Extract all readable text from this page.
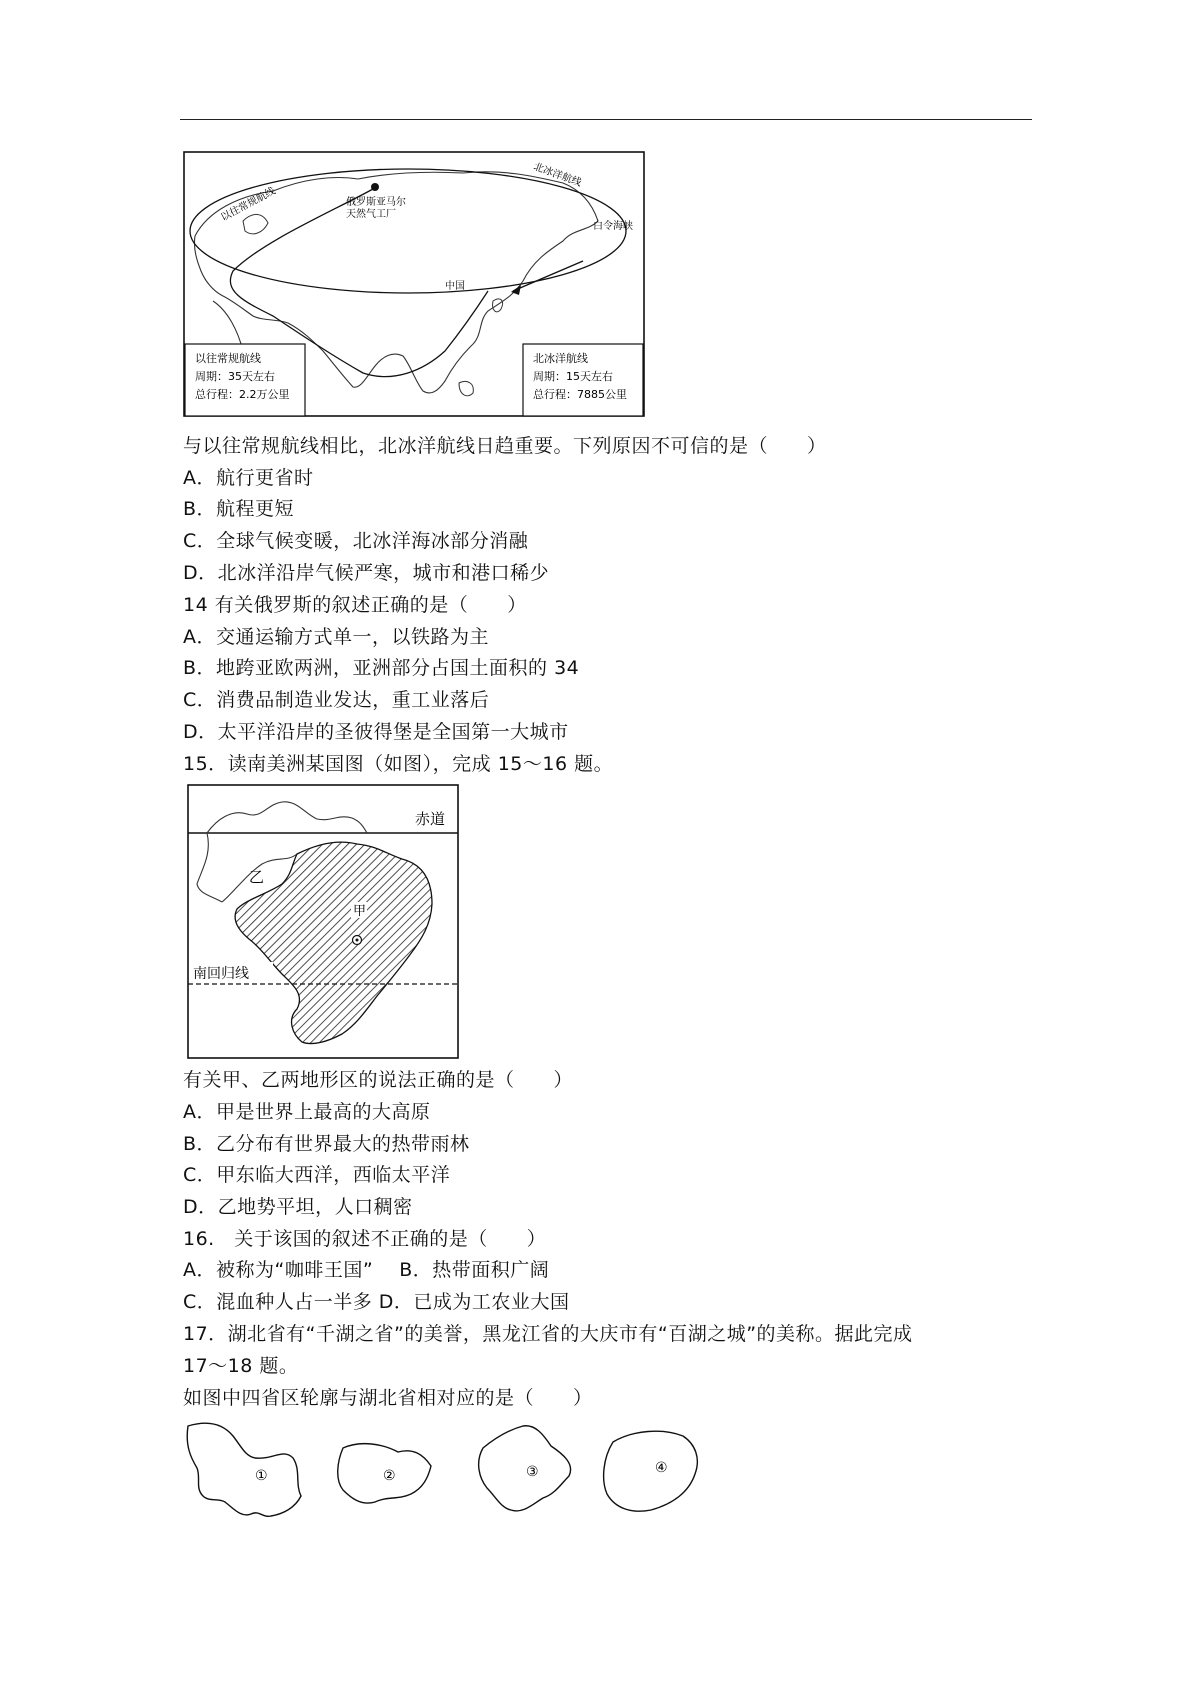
以往常规航线
北冰洋航线
俄罗斯亚马尔
天然气工厂
白令海峡
中国
以往常规航线
周期：35天左右
总行程：2.2万公里
北冰洋航线
周期：15天左右
总行程：7885公里
与以往常规航线相比，北冰洋航线日趋重要。下列原因不可信的是（　　）
A．航行更省时
B．航程更短
C．全球气候变暖，北冰洋海冰部分消融
D．北冰洋沿岸气候严寒，城市和港口稀少
14 有关俄罗斯的叙述正确的是（　　）
A．交通运输方式单一，以铁路为主
B．地跨亚欧两洲，亚洲部分占国土面积的 34
C．消费品制造业发达，重工业落后
D．太平洋沿岸的圣彼得堡是全国第一大城市
15．读南美洲某国图（如图），完成 15～16 题。
甲
乙
赤道
南回归线
有关甲、乙两地形区的说法正确的是（　　）
A．甲是世界上最高的大高原
B．乙分布有世界最大的热带雨林
C．甲东临大西洋，西临太平洋
D．乙地势平坦，人口稠密
16.　关于该国的叙述不正确的是（　　）
A．被称为“咖啡王国”　 B．热带面积广阔
C．混血种人占一半多 D．已成为工农业大国
17．湖北省有“千湖之省”的美誉，黑龙江省的大庆市有“百湖之城”的美称。据此完成
17～18 题。
如图中四省区轮廓与湖北省相对应的是（　　）
①	②	③	④
